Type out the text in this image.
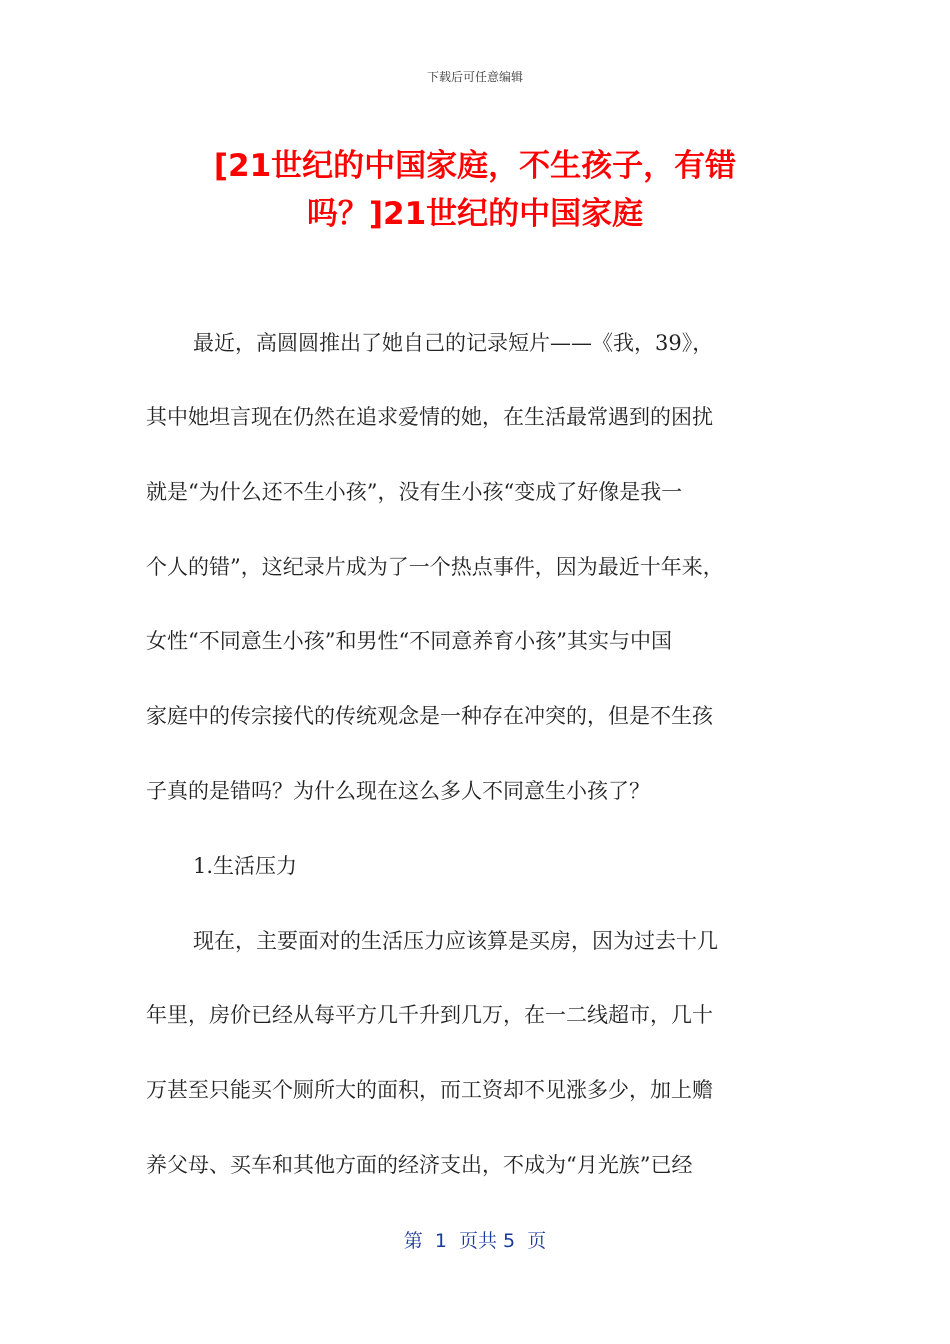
下载后可任意编辑
[21世纪的中国家庭，不生孩子，有错
吗？]21世纪的中国家庭
最近，高圆圆推出了她自己的记录短片——《我，39》，
其中她坦言现在仍然在追求爱情的她，在生活最常遇到的困扰
就是“为什么还不生小孩”，没有生小孩“变成了好像是我一
个人的错”，这纪录片成为了一个热点事件，因为最近十年来，
女性“不同意生小孩”和男性“不同意养育小孩”其实与中国
家庭中的传宗接代的传统观念是一种存在冲突的，但是不生孩
子真的是错吗？为什么现在这么多人不同意生小孩了？
1.生活压力
现在，主要面对的生活压力应该算是买房，因为过去十几
年里，房价已经从每平方几千升到几万，在一二线超市，几十
万甚至只能买个厕所大的面积，而工资却不见涨多少，加上赡
养父母、买车和其他方面的经济支出，不成为“月光族”已经
第  1  页共 5  页
